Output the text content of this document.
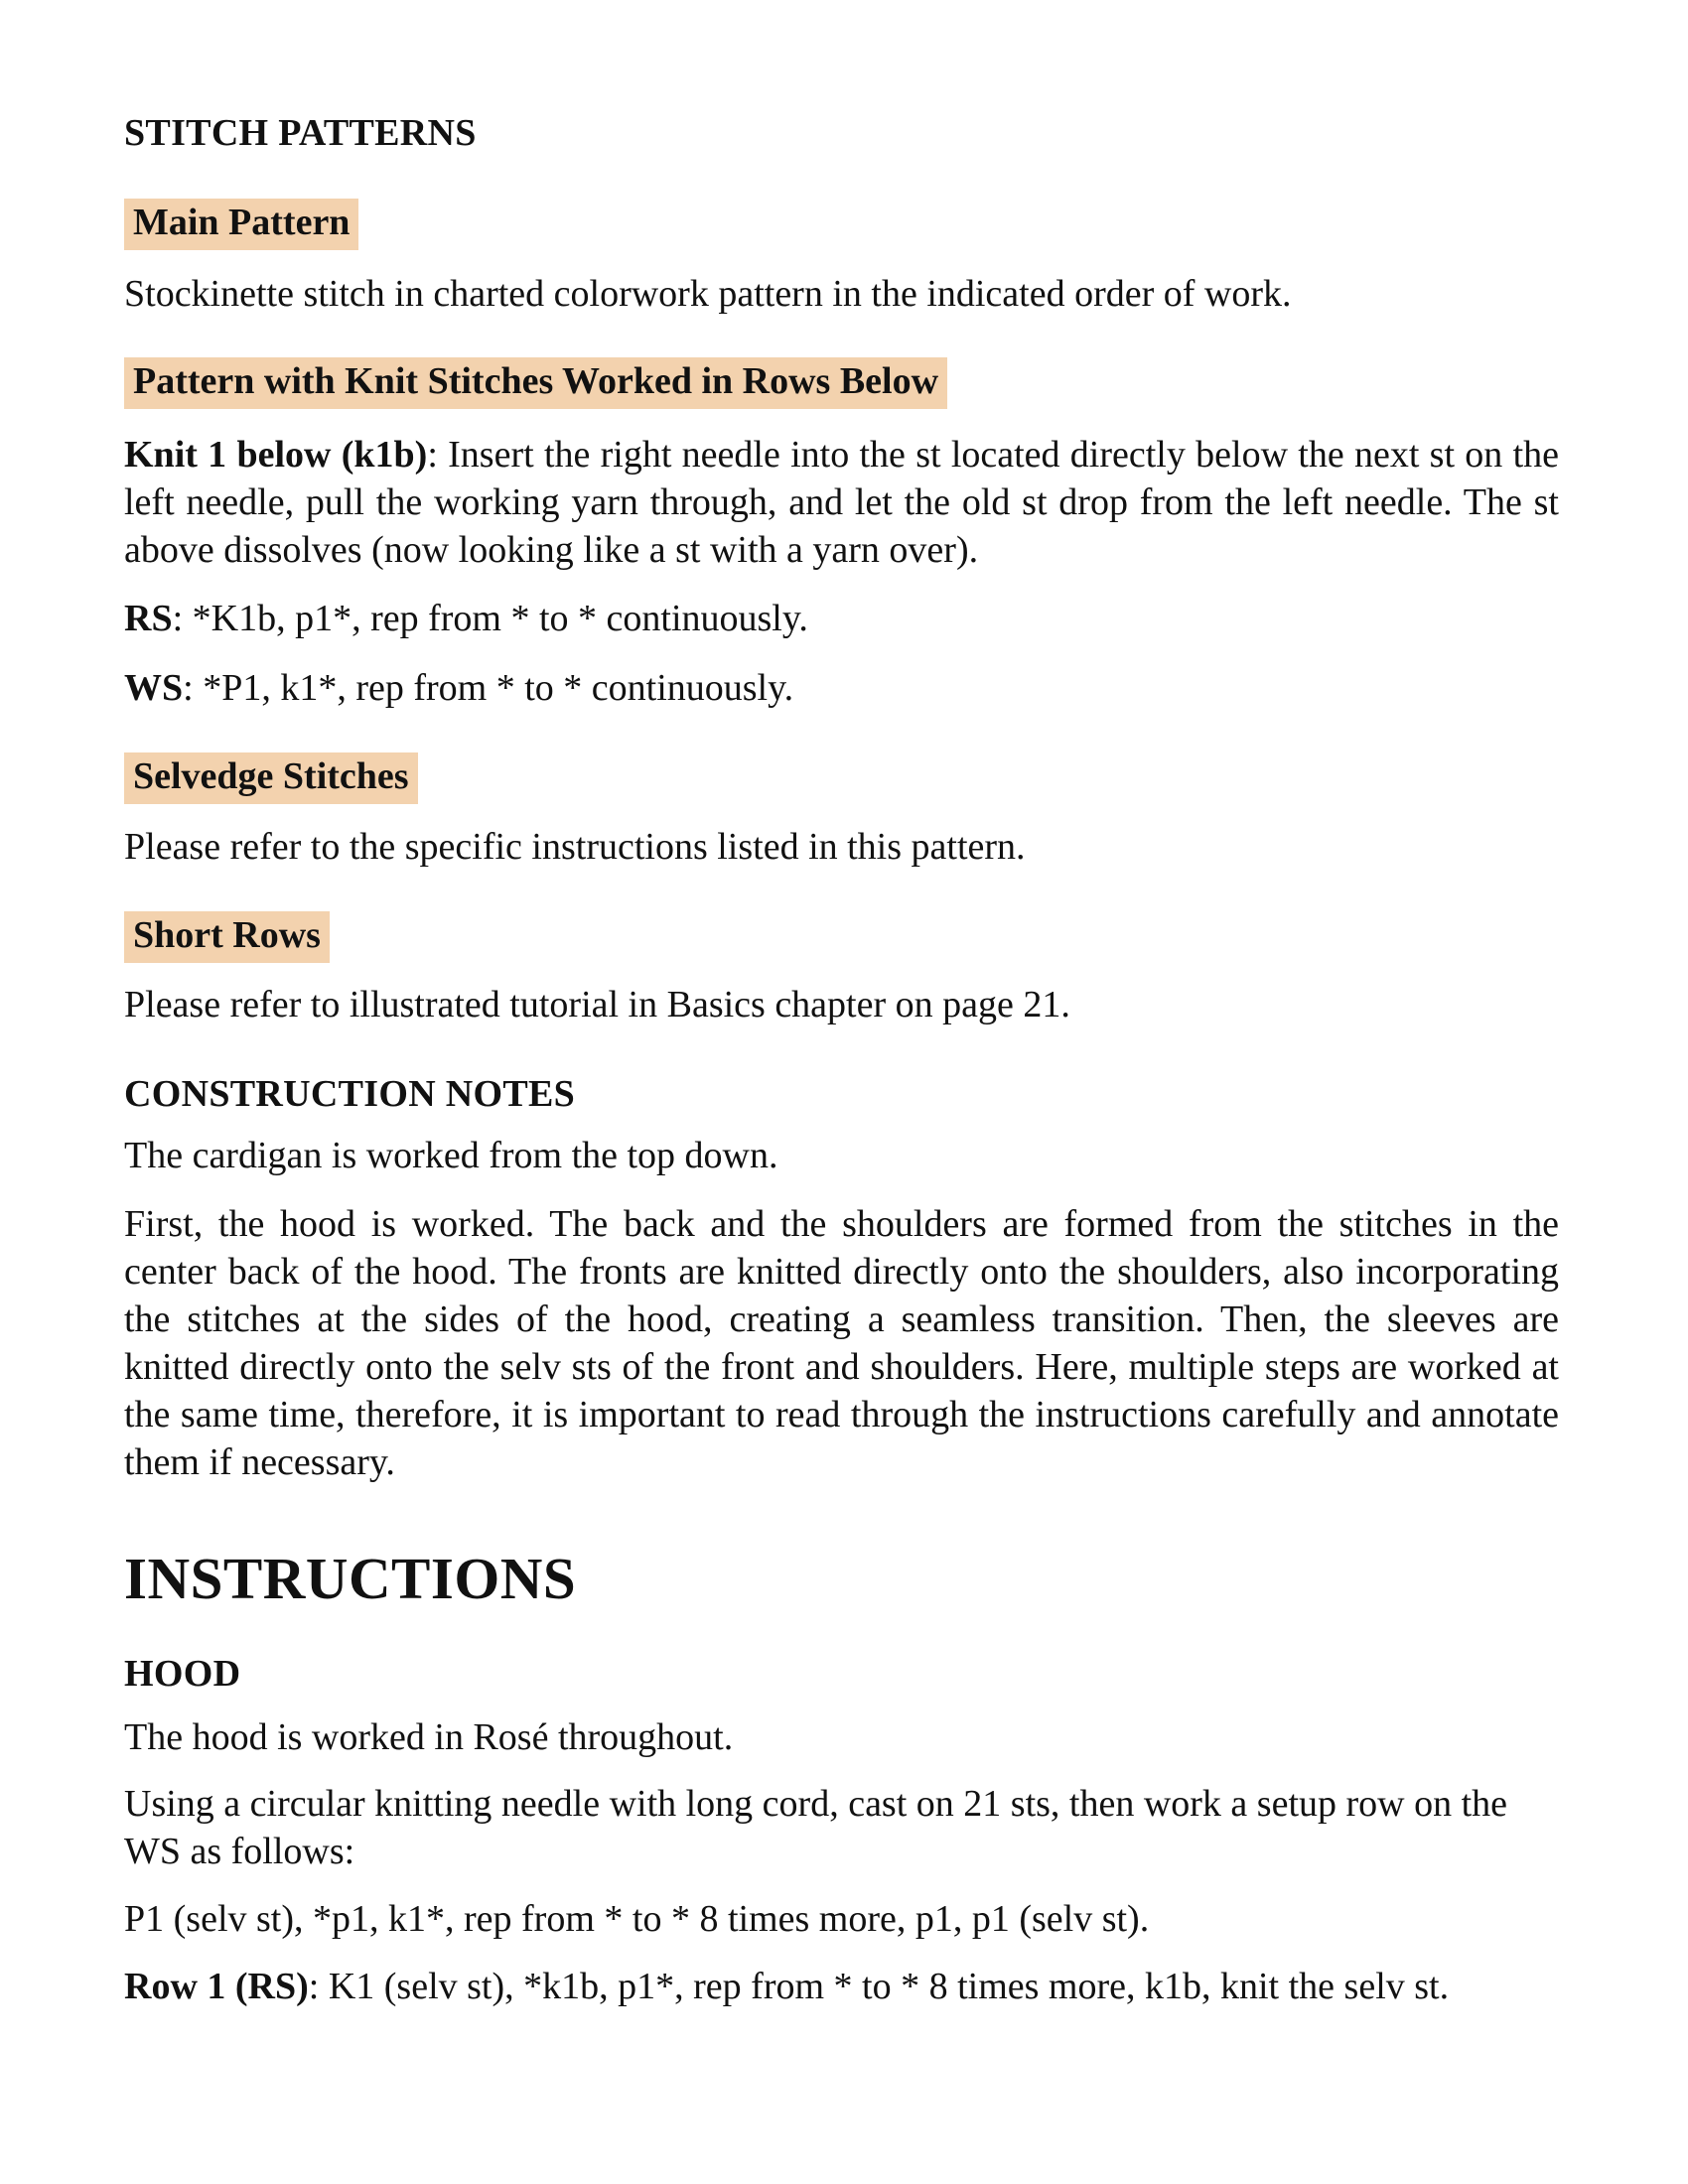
STITCH PATTERNS
Main Pattern

Stockinette stitch in charted colorwork pattern in the indicated order of work.

Pattern with Knit Stitches Worked in Rows Below

Knit 1 below (k1b): Insert the right needle into the st located directly below the next st on the left needle, pull the working yarn through, and let the old st drop from the left needle. The st above dissolves (now looking like a st with a yarn over).

RS: *K1b, p1*, rep from * to * continuously.

WS: *P1, k1*, rep from * to * continuously.

Selvedge Stitches

Please refer to the specific instructions listed in this pattern.

Short Rows

Please refer to illustrated tutorial in Basics chapter on page 21.

CONSTRUCTION NOTES

The cardigan is worked from the top down.

First, the hood is worked. The back and the shoulders are formed from the stitches in the center back of the hood. The fronts are knitted directly onto the shoulders, also incorporating the stitches at the sides of the hood, creating a seamless transition. Then, the sleeves are knitted directly onto the selv sts of the front and shoulders. Here, multiple steps are worked at the same time, therefore, it is important to read through the instructions carefully and annotate them if necessary.

INSTRUCTIONS
HOOD

The hood is worked in Rosé throughout.

Using a circular knitting needle with long cord, cast on 21 sts, then work a setup row on the WS as follows:

P1 (selv st), *p1, k1*, rep from * to * 8 times more, p1, p1 (selv st).

Row 1 (RS): K1 (selv st), *k1b, p1*, rep from * to * 8 times more, k1b, knit the selv st.
